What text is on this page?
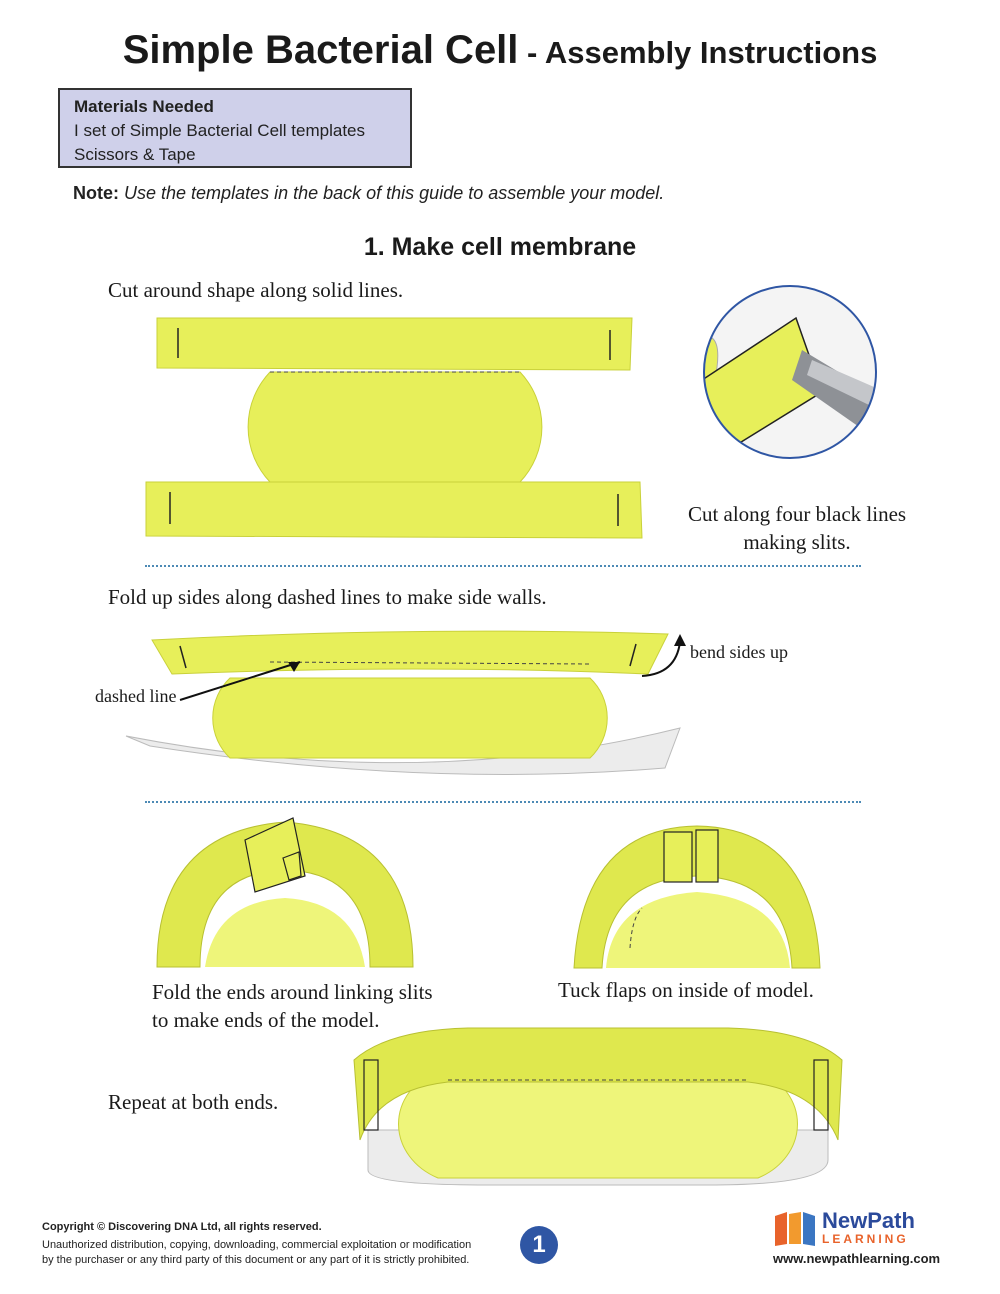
Simple Bacterial Cell - Assembly Instructions
Materials Needed
I set of Simple Bacterial Cell templates
Scissors & Tape
Note: Use the templates in the back of this guide to assemble your model.
1. Make cell membrane
Cut around shape along solid lines.
Cut along four black lines
making slits.
Fold up sides along dashed lines to make side walls.
dashed line
bend sides up
Fold the ends around linking slits
to make ends of the model.
Tuck flaps on inside of model.
Repeat at both ends.
Copyright © Discovering DNA Ltd, all rights reserved.
Unauthorized distribution, copying, downloading, commercial exploitation or modification
by the purchaser or any third party of this document or any part of it is strictly prohibited.
1
NewPath
LEARNING
www.newpathlearning.com
